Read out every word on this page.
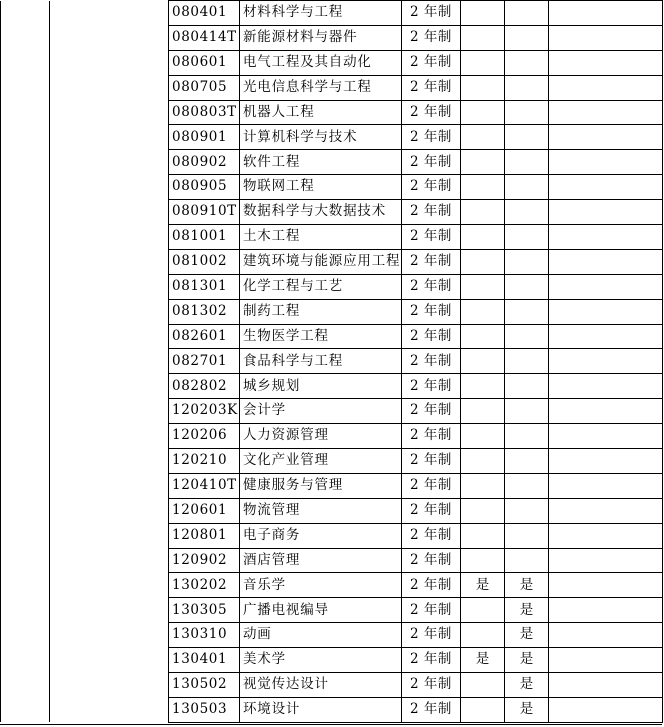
		080401	材料科学与工程	2 年制			
		080414T	新能源材料与器件	2 年制			
		080601	电气工程及其自动化	2 年制			
		080705	光电信息科学与工程	2 年制			
		080803T	机器人工程	2 年制			
		080901	计算机科学与技术	2 年制			
		080902	软件工程	2 年制			
		080905	物联网工程	2 年制			
		080910T	数据科学与大数据技术	2 年制			
		081001	土木工程	2 年制			
		081002	建筑环境与能源应用工程	2 年制			
		081301	化学工程与工艺	2 年制			
		081302	制药工程	2 年制			
		082601	生物医学工程	2 年制			
		082701	食品科学与工程	2 年制			
		082802	城乡规划	2 年制			
		120203K	会计学	2 年制			
		120206	人力资源管理	2 年制			
		120210	文化产业管理	2 年制			
		120410T	健康服务与管理	2 年制			
		120601	物流管理	2 年制			
		120801	电子商务	2 年制			
		120902	酒店管理	2 年制			
		130202	音乐学	2 年制	是	是	
		130305	广播电视编导	2 年制		是	
		130310	动画	2 年制		是	
		130401	美术学	2 年制	是	是	
		130502	视觉传达设计	2 年制		是	
		130503	环境设计	2 年制		是	
